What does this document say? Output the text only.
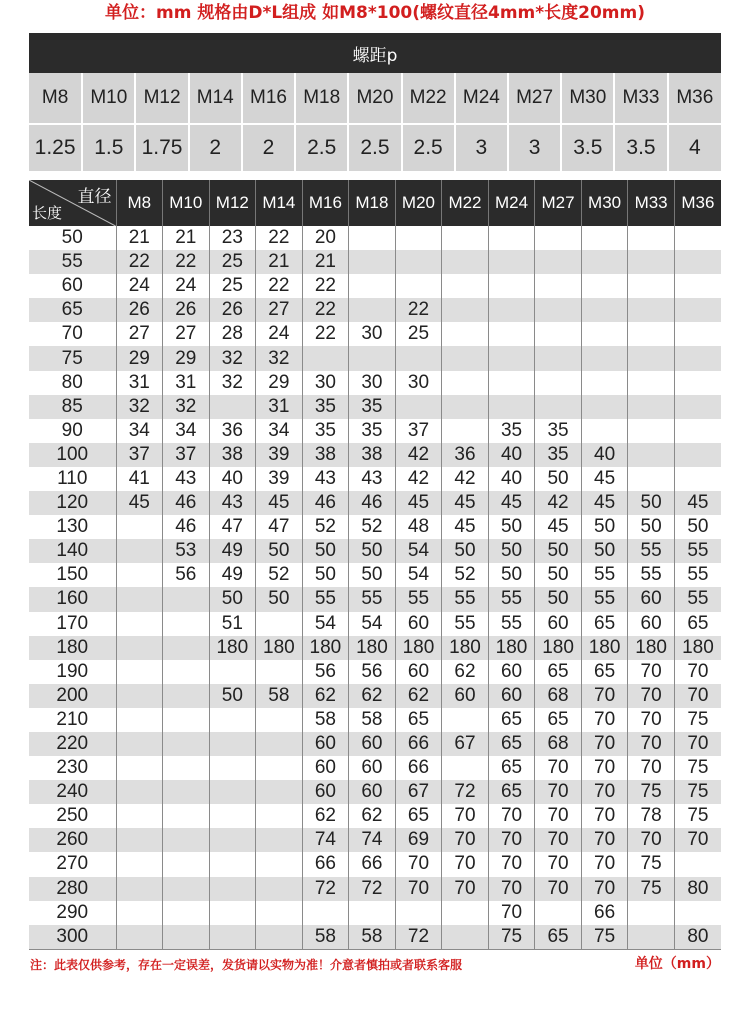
单位：mm 规格由D*L组成 如M8*100(螺纹直径4mm*长度20mm)
螺距p												
M8	M10	M12	M14	M16	M18	M20	M22	M24	M27	M30	M33	M36
1.25	1.5	1.75	2	2	2.5	2.5	2.5	3	3	3.5	3.5	4
直径
长度	M8	M10	M12	M14	M16	M18	M20	M22	M24	M27	M30	M33	M36
50	21	21	23	22	20								
55	22	22	25	21	21								
60	24	24	25	22	22								
65	26	26	26	27	22		22						
70	27	27	28	24	22	30	25						
75	29	29	32	32									
80	31	31	32	29	30	30	30						
85	32	32		31	35	35							
90	34	34	36	34	35	35	37		35	35			
100	37	37	38	39	38	38	42	36	40	35	40		
110	41	43	40	39	43	43	42	42	40	50	45		
120	45	46	43	45	46	46	45	45	45	42	45	50	45
130		46	47	47	52	52	48	45	50	45	50	50	50
140		53	49	50	50	50	54	50	50	50	50	55	55
150		56	49	52	50	50	54	52	50	50	55	55	55
160			50	50	55	55	55	55	55	50	55	60	55
170			51		54	54	60	55	55	60	65	60	65
180			180	180	180	180	180	180	180	180	180	180	180
190					56	56	60	62	60	65	65	70	70
200			50	58	62	62	62	60	60	68	70	70	70
210					58	58	65		65	65	70	70	75
220					60	60	66	67	65	68	70	70	70
230					60	60	66		65	70	70	70	75
240					60	60	67	72	65	70	70	75	75
250					62	62	65	70	70	70	70	78	75
260					74	74	69	70	70	70	70	70	70
270					66	66	70	70	70	70	70	75	
280					72	72	70	70	70	70	70	75	80
290									70		66		
300					58	58	72		75	65	75		80
注：此表仅供参考，存在一定误差，发货请以实物为准！介意者慎拍或者联系客服	单位（mm）
